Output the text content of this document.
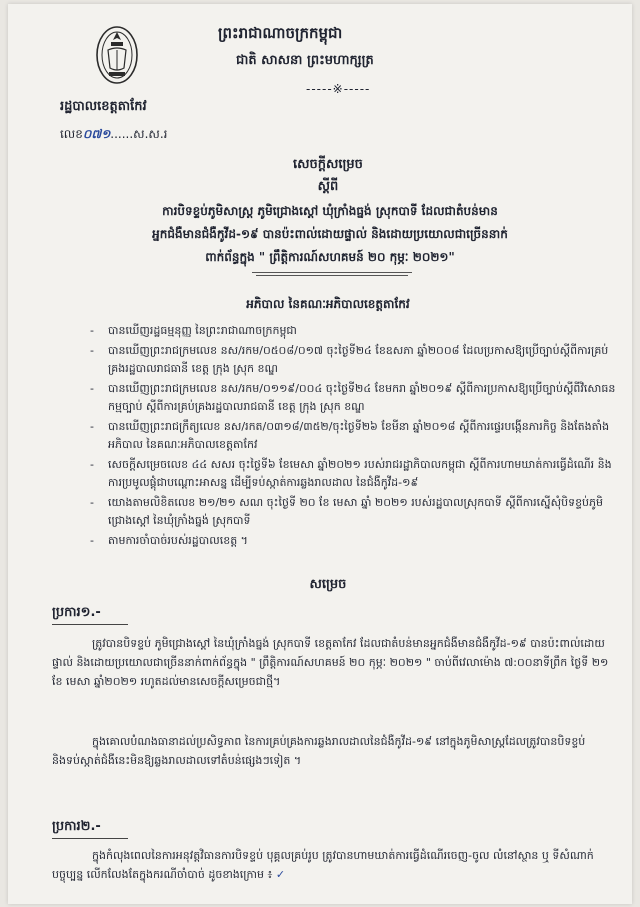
ព្រះរាជាណាចក្រកម្ពុជា
ជាតិ សាសនា ព្រះមហាក្សត្រ
-----※-----
រដ្ឋបាលខេត្តតាកែវ
លេខ០៧១......ស.ស.រ
សេចក្តីសម្រេច
ស្តីពី
ការបិទខ្ទប់ភូមិសាស្រ្ត ភូមិជ្រោងស្តៅ ឃុំក្រាំងធ្នង់ ស្រុកបាទី ដែលជាតំបន់មាន
អ្នកជំងឺមានជំងឺកូវីដ-១៩ បានប៉ះពាល់ដោយផ្ទាល់ និងដោយប្រយោលជាច្រើននាក់
ពាក់ព័ន្ធក្នុង " ព្រឹត្តិការណ៍សហគមន៍ ២០ កុម្ភៈ ២០២១"
អភិបាល នៃគណៈអភិបាលខេត្តតាកែវ
- បានឃើញរដ្ឋធម្មនុញ្ញ នៃព្រះរាជាណាចក្រកម្ពុជា
- បានឃើញព្រះរាជក្រមលេខ នស/រកម/០៥០៨/០១៧ ចុះថ្ងៃទី២៤ ខែឧសភា ឆ្នាំ២០០៨ ដែលប្រកាសឱ្យប្រើច្បាប់ស្តីពីការគ្រប់គ្រងរដ្ឋបាលរាជធានី ខេត្ត ក្រុង ស្រុក ខណ្ឌ
- បានឃើញព្រះរាជក្រមលេខ នស/រកម/០១១៩/០០៤ ចុះថ្ងៃទី២៤ ខែមករា ឆ្នាំ២០១៩ ស្តីពីការប្រកាសឱ្យប្រើច្បាប់ស្តីពីវិសោធនកម្មច្បាប់ ស្តីពីការគ្រប់គ្រងរដ្ឋបាលរាជធានី ខេត្ត ក្រុង ស្រុក ខណ្ឌ
- បានឃើញព្រះរាជក្រឹត្យលេខ នស/រកត/០៣១៨/៣៥២/ចុះថ្ងៃទី២៦ ខែមីនា ឆ្នាំ២០១៨ ស្តីពីការផ្ទេរបង្កើនភារកិច្ច និងតែងតាំងអភិបាល នៃគណៈអភិបាលខេត្តតាកែវ
- សេចក្តីសម្រេចលេខ ៤៤ សសរ ចុះថ្ងៃទី៦ ខែមេសា ឆ្នាំ២០២១ របស់រាជរដ្ឋាភិបាលកម្ពុជា ស្តីពីការហាមឃាត់ការធ្វើដំណើរ និងការប្រមូលផ្តុំជាបណ្តោះអាសន្ន ដើម្បីទប់ស្កាត់ការឆ្លងរាលដាល នៃជំងឺកូវីដ-១៩
- យោងតាមលិខិតលេខ ២១/២១ សណ ចុះថ្ងៃទី ២០ ខែ មេសា ឆ្នាំ ២០២១ របស់រដ្ឋបាលស្រុកបាទី ស្តីពីការស្នើសុំបិទខ្ទប់ភូមិជ្រោងស្តៅ នៃឃុំក្រាំងធ្នង់ ស្រុកបាទី
- តាមការចាំបាច់របស់រដ្ឋបាលខេត្ត ។
សម្រេច
ប្រការ១.-

ត្រូវបានបិទខ្ទប់ ភូមិជ្រោងស្តៅ នៃឃុំក្រាំងធ្នង់ ស្រុកបាទី ខេត្តតាកែវ ដែលជាតំបន់មានអ្នកជំងឺមានជំងឺកូវីដ-១៩ បានប៉ះពាល់ដោយផ្ទាល់ និងដោយប្រយោលជាច្រើននាក់ពាក់ព័ន្ធក្នុង " ព្រឹត្តិការណ៍សហគមន៍ ២០ កុម្ភៈ ២០២១ " ចាប់ពីវេលាម៉ោង ៧:០០នាទីព្រឹក ថ្ងៃទី ២១ ខែ មេសា ឆ្នាំ២០២១ រហូតដល់មានសេចក្តីសម្រេចជាថ្មី។

ក្នុងគោលបំណងធានាដល់ប្រសិទ្ធភាព នៃការគ្រប់គ្រងការឆ្លងរាលដាលនៃជំងឺកូវីដ-១៩ នៅក្នុងភូមិសាស្រ្តដែលត្រូវបានបិទខ្ទប់ និងទប់ស្កាត់ជំងឺនេះមិនឱ្យឆ្លងរាលដាលទៅតំបន់ផ្សេងៗទៀត ។

ប្រការ២.-

ក្នុងកំលុងពេលនៃការអនុវត្តវិធានការបិទខ្ទប់ បុគ្គលគ្រប់រូប ត្រូវបានហាមឃាត់ការធ្វើដំណើរចេញ-ចូល លំនៅស្ថាន ឬ ទីសំណាក់បច្ចុប្បន្ន លើកលែងតែក្នុងករណីចាំបាច់ ដូចខាងក្រោម ៖ ✓
